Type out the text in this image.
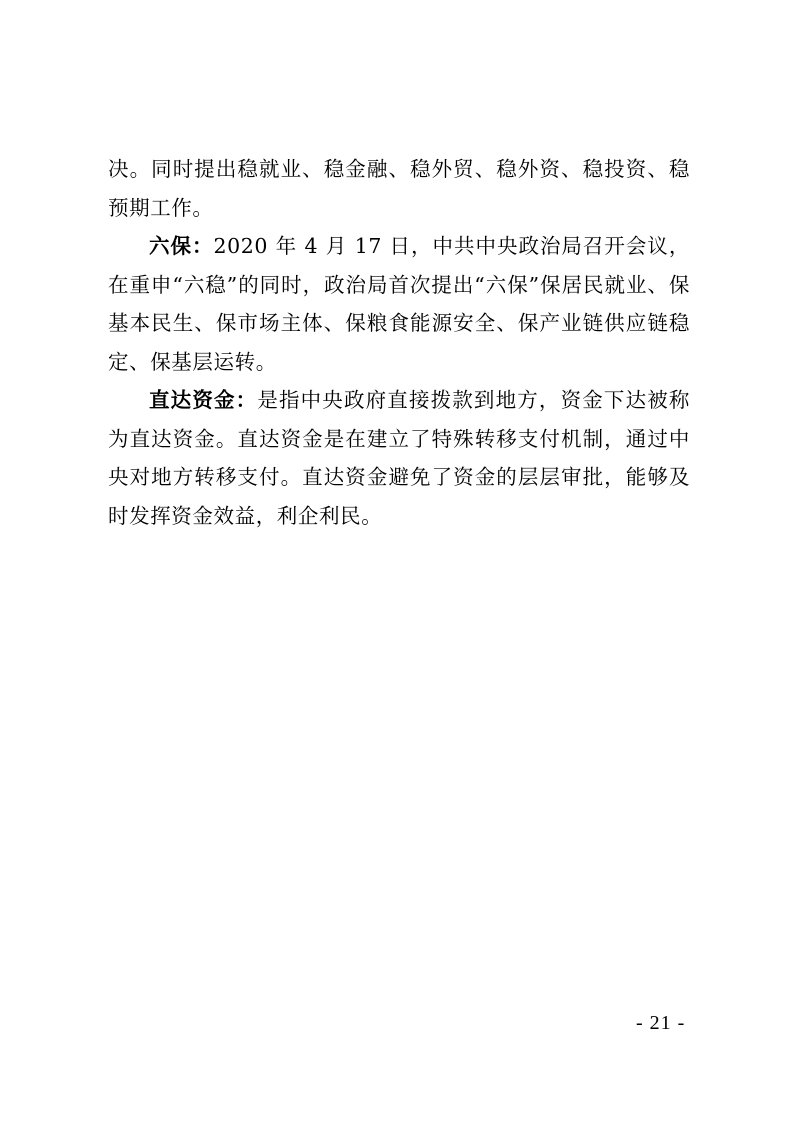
决。同时提出稳就业、稳金融、稳外贸、稳外资、稳投资、稳预期工作。

六保：2020 年 4 月 17 日，中共中央政治局召开会议，在重申“六稳”的同时，政治局首次提出“六保”保居民就业、保基本民生、保市场主体、保粮食能源安全、保产业链供应链稳定、保基层运转。

直达资金：是指中央政府直接拨款到地方，资金下达被称为直达资金。直达资金是在建立了特殊转移支付机制，通过中央对地方转移支付。直达资金避免了资金的层层审批，能够及时发挥资金效益，利企利民。

- 21 -
